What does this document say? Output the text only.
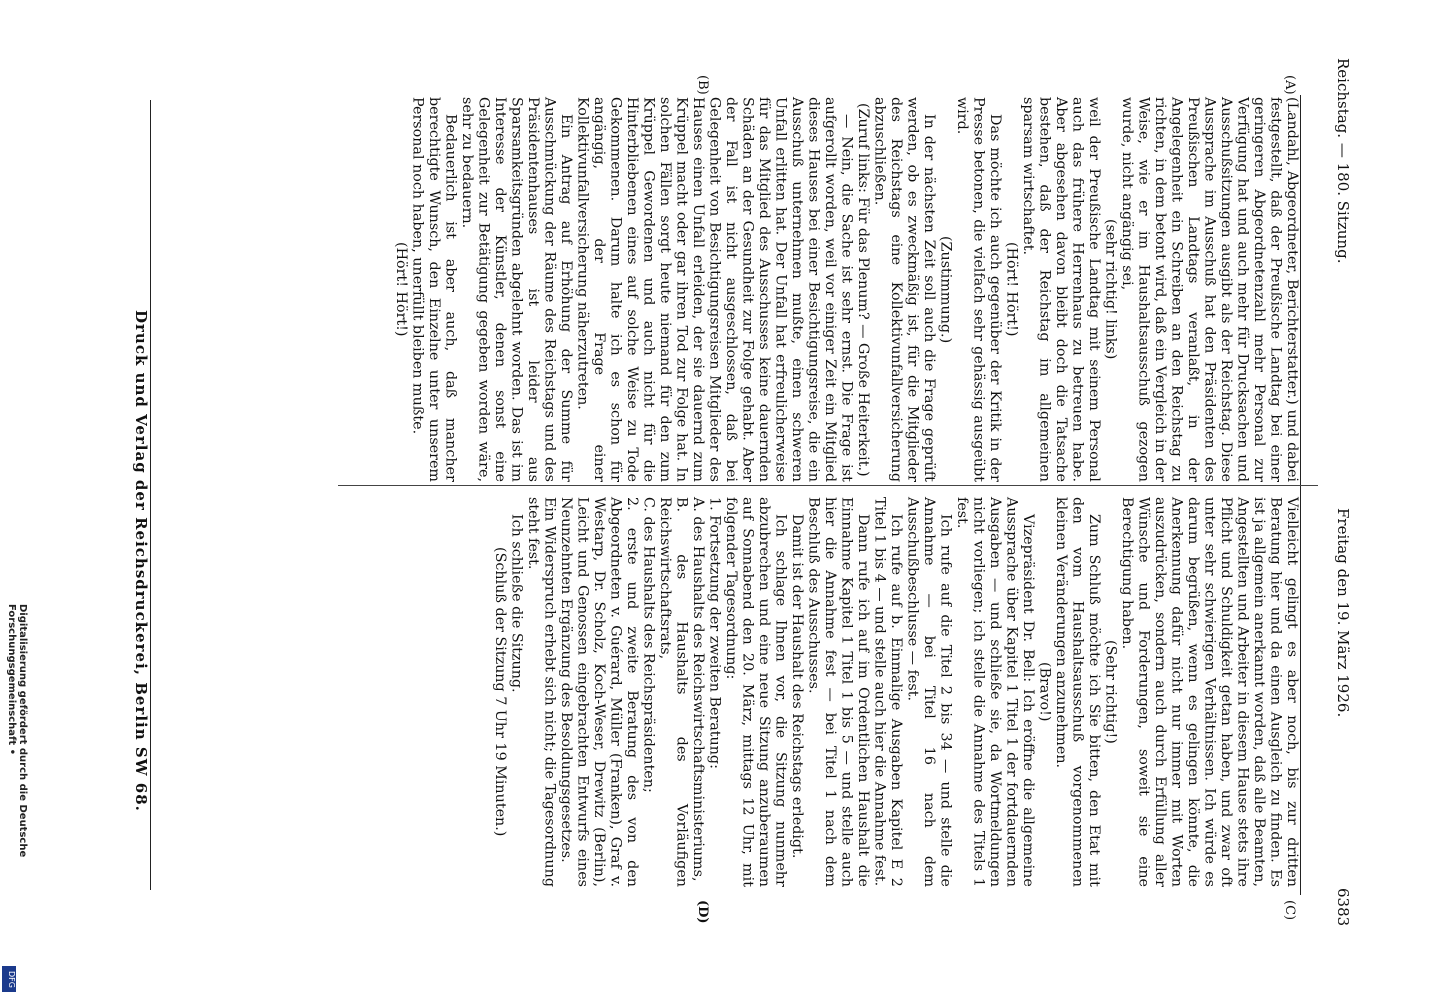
Reichstag. — 180. Sitzung.
Freitag den 19. März 1926.
6383
(A)
(B)
(C)
(D)

(Landahl, Abgeordneter, Berichterstatter.) und dabei festgestellt, daß der Preußische Landtag bei einer geringeren Abgeordnetenzahl mehr Personal zur Verfügung hat und auch mehr für Drucksachen und Ausschußsitzungen ausgibt als der Reichstag. Diese Aussprache im Ausschuß hat den Präsidenten des Preußischen Landtags veranlaßt, in der Angelegenheit ein Schreiben an den Reichstag zu richten, in dem betont wird, daß ein Vergleich in der Weise, wie er im Haushaltsausschuß gezogen wurde, nicht angängig sei,

(sehr richtig! links)

weil der Preußische Landtag mit seinem Personal auch das frühere Herrenhaus zu betreuen habe. Aber abgesehen davon bleibt doch die Tatsache bestehen, daß der Reichstag im allgemeinen sparsam wirtschaftet.

(Hört! Hört!)

Das möchte ich auch gegenüber der Kritik in der Presse betonen, die vielfach sehr gehässig ausgeübt wird.

(Zustimmung.)

In der nächsten Zeit soll auch die Frage geprüft werden, ob es zweckmäßig ist, für die Mitglieder des Reichstags eine Kollektivunfallversicherung abzuschließen.

(Zuruf links: Für das Plenum? — Große Heiterkeit.)

— Nein, die Sache ist sehr ernst. Die Frage ist aufgerollt worden, weil vor einiger Zeit ein Mitglied dieses Hauses bei einer Besichtigungsreise, die ein Ausschuß unternehmen mußte, einen schweren Unfall erlitten hat. Der Unfall hat erfreulicherweise für das Mitglied des Ausschusses keine dauernden Schäden an der Gesundheit zur Folge gehabt. Aber der Fall ist nicht ausgeschlossen, daß bei Gelegenheit von Besichtigungsreisen Mitglieder des Hauses einen Unfall erleiden, der sie dauernd zum Krüppel macht oder gar ihren Tod zur Folge hat. In solchen Fällen sorgt heute niemand für den zum Krüppel Gewordenen und auch nicht für die Hinterbliebenen eines auf solche Weise zu Tode Gekommenen. Darum halte ich es schon für angängig, der Frage einer Kollektivunfallversicherung näherzutreten.

Ein Antrag auf Erhöhung der Summe für Ausschmückung der Räume des Reichstags und des Präsidentenhauses ist leider aus Sparsamkeitsgründen abgelehnt worden. Das ist im Interesse der Künstler, denen sonst eine Gelegenheit zur Betätigung gegeben worden wäre, sehr zu bedauern.

Bedauerlich ist aber auch, daß mancher berechtigte Wunsch, den Einzelne unter unserem Personal noch haben, unerfüllt bleiben mußte.

(Hört! Hört!)

Vielleicht gelingt es aber noch, bis zur dritten Beratung hier und da einen Ausgleich zu finden. Es ist ja allgemein anerkannt worden, daß alle Beamten, Angestellten und Arbeiter in diesem Hause stets ihre Pflicht und Schuldigkeit getan haben, und zwar oft unter sehr schwierigen Verhältnissen. Ich würde es darum begrüßen, wenn es gelingen könnte, die Anerkennung dafür nicht nur immer mit Worten auszudrücken, sondern auch durch Erfüllung aller Wünsche und Forderungen, soweit sie eine Berechtigung haben.

(Sehr richtig!)

Zum Schluß möchte ich Sie bitten, den Etat mit den vom Haushaltsausschuß vorgenommenen kleinen Veränderungen anzunehmen.

(Bravo!)

Vizepräsident Dr. Bell: Ich eröffne die allgemeine Aussprache über Kapitel 1 Titel 1 der fortdauernden Ausgaben — und schließe sie, da Wortmeldungen nicht vorliegen; ich stelle die Annahme des Titels 1 fest.

Ich rufe auf die Titel 2 bis 34 — und stelle die Annahme — bei Titel 16 nach dem Ausschußbeschlusse — fest.

Ich rufe auf b. Einmalige Ausgaben Kapitel E 2 Titel 1 bis 4 — und stelle auch hier die Annahme fest.

Dann rufe ich auf im Ordentlichen Haushalt die Einnahme Kapitel 1 Titel 1 bis 5 — und stelle auch hier die Annahme fest — bei Titel 1 nach dem Beschluß des Ausschusses.

Damit ist der Haushalt des Reichstags erledigt.

Ich schlage Ihnen vor, die Sitzung nunmehr abzubrechen und eine neue Sitzung anzuberaumen auf Sonnabend den 20. März, mittags 12 Uhr, mit folgender Tagesordnung:

1. Fortsetzung der zweiten Beratung:

A. des Haushalts des Reichswirtschaftsministeriums,

B. des Haushalts des Vorläufigen Reichswirtschaftsrats,

C. des Haushalts des Reichspräsidenten;

2. erste und zweite Beratung des von den Abgeordneten v. Guérard, Müller (Franken), Graf v. Westarp, Dr. Scholz, Koch-Weser, Drewitz (Berlin), Leicht und Genossen eingebrachten Entwurfs eines Neunzehnten Ergänzung des Besoldungsgesetzes.

Ein Widerspruch erhebt sich nicht; die Tagesordnung steht fest.

Ich schließe die Sitzung.

(Schluß der Sitzung 7 Uhr 19 Minuten.)

Druck und Verlag der Reichsdruckerei, Berlin SW 68.
Digitalisierung gefördert durch die Deutsche Forschungsgemeinschaft •
DFG
